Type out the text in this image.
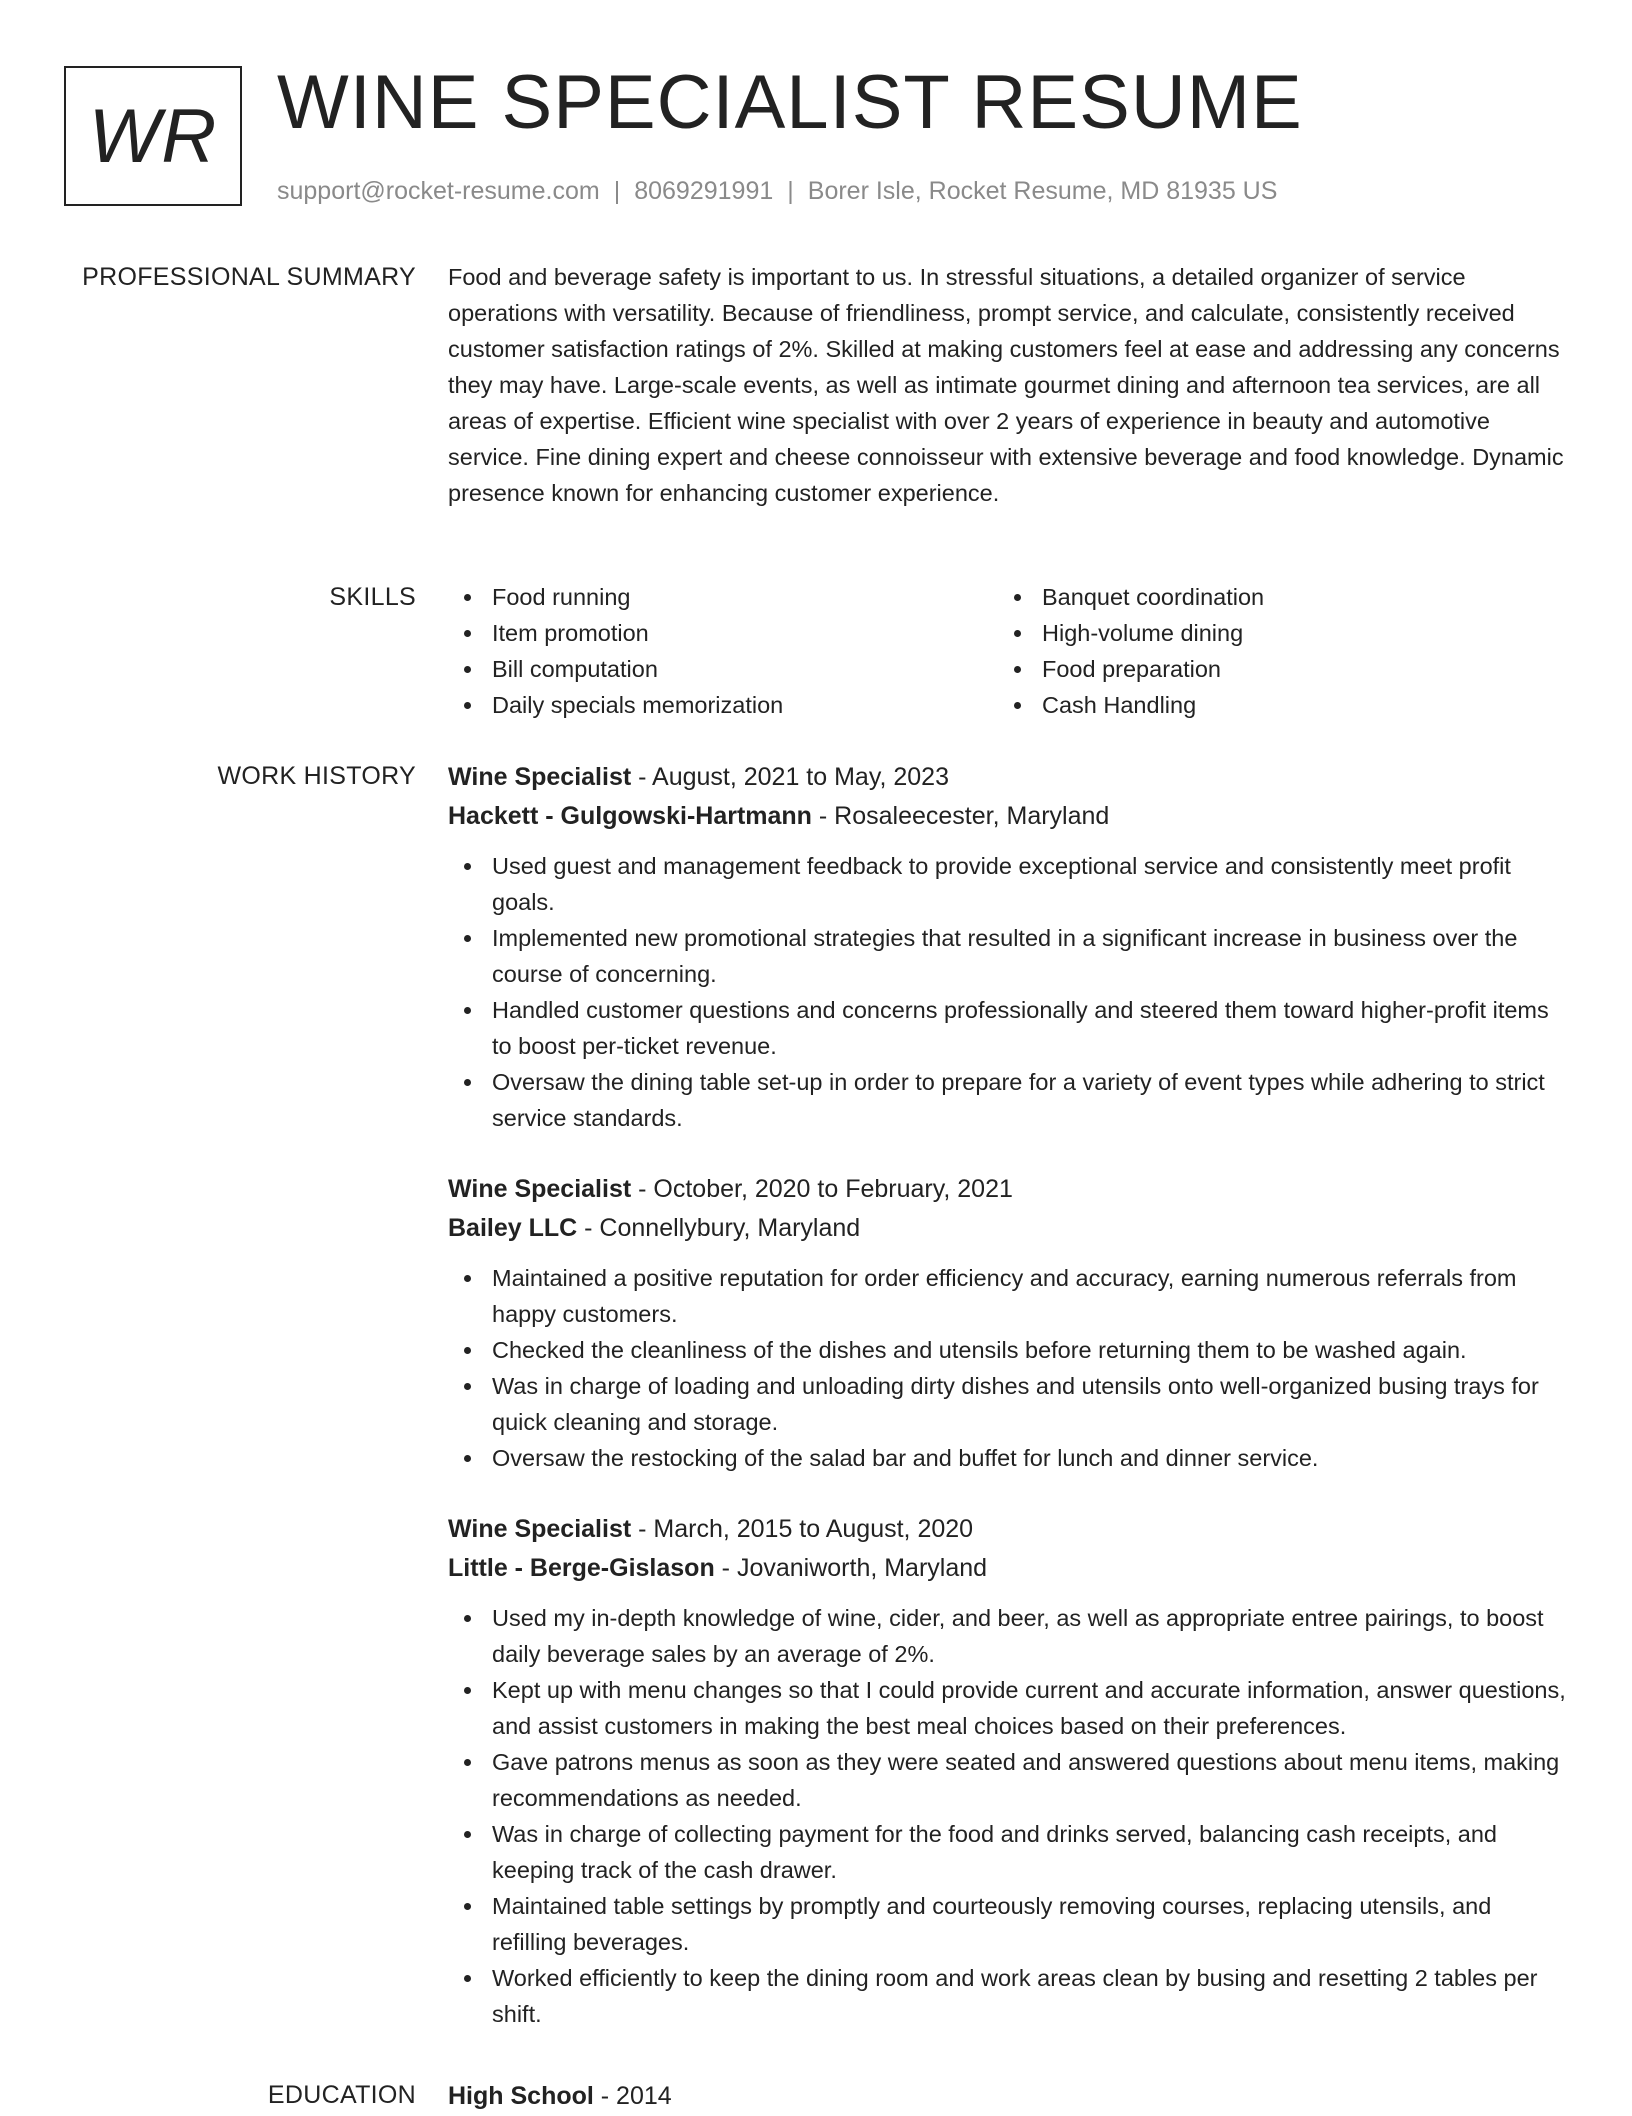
WR WINE SPECIALIST RESUME
support@rocket-resume.com | 8069291991 | Borer Isle, Rocket Resume, MD 81935 US
PROFESSIONAL SUMMARY Food and beverage safety is important to us. In stressful situations, a detailed organizer of service operations with versatility. Because of friendliness, prompt service, and calculate, consistently received customer satisfaction ratings of 2%. Skilled at making customers feel at ease and addressing any concerns they may have. Large-scale events, as well as intimate gourmet dining and afternoon tea services, are all areas of expertise. Efficient wine specialist with over 2 years of experience in beauty and automotive service. Fine dining expert and cheese connoisseur with extensive beverage and food knowledge. Dynamic presence known for enhancing customer experience.

SKILLS	Food running
Item promotion
Bill computation
Daily specials memorization
Banquet coordination
High-volume dining
Food preparation
Cash Handling
WORK HISTORY Wine Specialist - August, 2021 to May, 2023
Hackett - Gulgowski-Hartmann - Rosaleecester, Maryland
Used guest and management feedback to provide exceptional service and consistently meet profit goals.
Implemented new promotional strategies that resulted in a significant increase in business over the course of concerning.
Handled customer questions and concerns professionally and steered them toward higher-profit items to boost per-ticket revenue.
Oversaw the dining table set-up in order to prepare for a variety of event types while adhering to strict service standards.
Wine Specialist - October, 2020 to February, 2021
Bailey LLC - Connellybury, Maryland
Maintained a positive reputation for order efficiency and accuracy, earning numerous referrals from happy customers.
Checked the cleanliness of the dishes and utensils before returning them to be washed again.
Was in charge of loading and unloading dirty dishes and utensils onto well-organized busing trays for quick cleaning and storage.
Oversaw the restocking of the salad bar and buffet for lunch and dinner service.
Wine Specialist - March, 2015 to August, 2020
Little - Berge-Gislason - Jovaniworth, Maryland
Used my in-depth knowledge of wine, cider, and beer, as well as appropriate entree pairings, to boost daily beverage sales by an average of 2%.
Kept up with menu changes so that I could provide current and accurate information, answer questions, and assist customers in making the best meal choices based on their preferences.
Gave patrons menus as soon as they were seated and answered questions about menu items, making recommendations as needed.
Was in charge of collecting payment for the food and drinks served, balancing cash receipts, and keeping track of the cash drawer.
Maintained table settings by promptly and courteously removing courses, replacing utensils, and refilling beverages.
Worked efficiently to keep the dining room and work areas clean by busing and resetting 2 tables per shift.
EDUCATION High School - 2014
